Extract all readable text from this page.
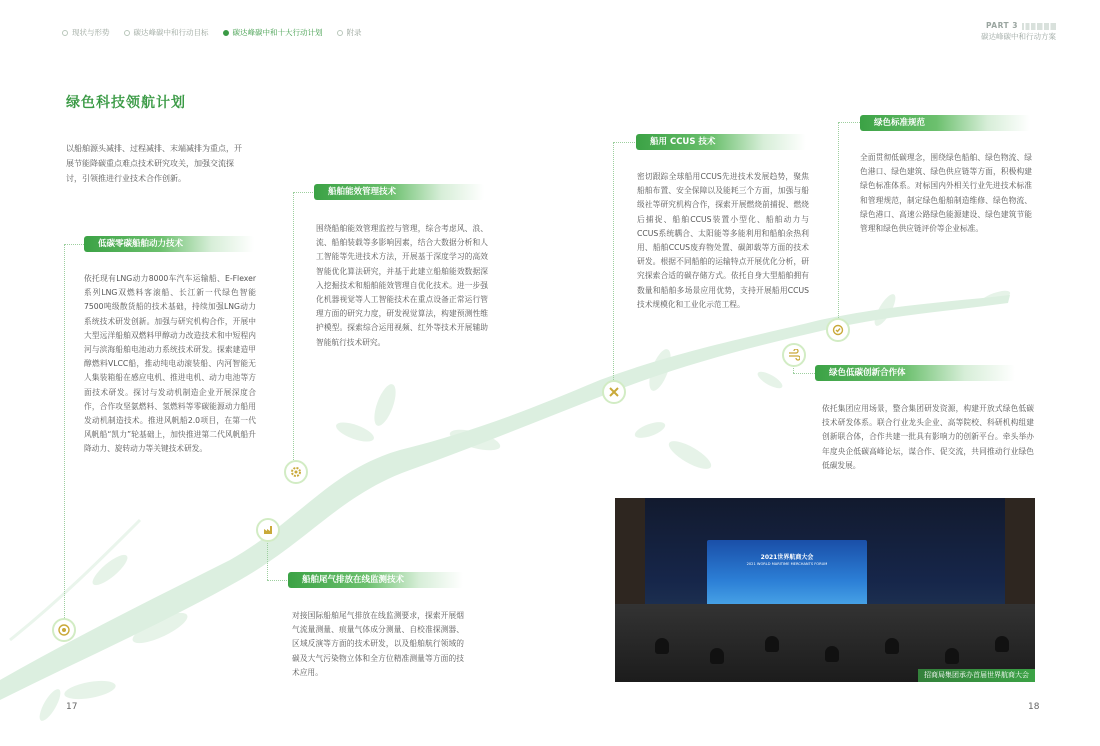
现状与形势	碳达峰碳中和行动目标	碳达峰碳中和十大行动计划	附录
PART 3
碳达峰碳中和行动方案
绿色科技领航计划
以船舶源头减排、过程减排、末端减排为重点，开展节能降碳重点难点技术研究攻关，加强交流探讨，引领推进行业技术合作创新。
低碳零碳船舶动力技术
依托现有LNG动力8000车汽车运输船、E-Flexer系列LNG双燃料客滚船、长江新一代绿色智能7500吨级散货船的技术基础，持续加强LNG动力系统技术研发创新。加强与研究机构合作，开展中大型远洋船舶双燃料甲醇动力改造技术和中短程内河与滨海船舶电池动力系统技术研发。探索建造甲醇燃料VLCC船，推动纯电动滚装船、内河智能无人集装箱船在感应电机、推进电机、动力电池等方面技术研发。探讨与发动机制造企业开展深度合作，合作攻坚氨燃料、氢燃料等零碳能源动力船用发动机制造技术。推进风帆船2.0项目，在第一代风帆船“凯力”轮基础上，加快推进第二代风帆船升降动力、旋转动力等关键技术研发。
船舶能效管理技术
围绕船舶能效管理监控与管理，综合考虑风、浪、流、船舶装载等多影响因素，结合大数据分析和人工智能等先进技术方法，开展基于深度学习的高效智能优化算法研究，并基于此建立船舶能效数据深入挖掘技术和船舶能效管理自优化技术。进一步强化机器视觉等人工智能技术在重点设备正常运行管理方面的研究力度，研发视觉算法，构建预测性维护模型。探索综合运用视频、红外等技术开展辅助智能航行技术研究。
船舶尾气排放在线监测技术
对接国际船舶尾气排放在线监测要求，探索开展烟气流量测量、痕量气体成分测量、自校准探测器、区域反演等方面的技术研发，以及船舶航行领域的碳及大气污染物立体和全方位精准测量等方面的技术应用。
船用 CCUS 技术
密切跟踪全球船用CCUS先进技术发展趋势，聚焦船舶布置、安全保障以及能耗三个方面，加强与船级社等研究机构合作，探索开展燃烧前捕捉、燃烧后捕捉、船舶CCUS装置小型化、船舶动力与CCUS系统耦合、太阳能等多能利用和船舶余热利用、船舶CCUS废弃物处置、碳卸载等方面的技术研发。根据不同船舶的运输特点开展优化分析，研究探索合适的碳存储方式。依托自身大型船舶拥有数量和船舶多场景应用优势，支持开展船用CCUS技术规模化和工业化示范工程。
绿色标准规范
全面贯彻低碳理念，围绕绿色船舶、绿色物流、绿色港口、绿色建筑、绿色供应链等方面，积极构建绿色标准体系。对标国内外相关行业先进技术标准和管理规范，制定绿色船舶制造维修、绿色物流、绿色港口、高速公路绿色能源建设、绿色建筑节能管理和绿色供应链评价等企业标准。
绿色低碳创新合作体
依托集团应用场景，整合集团研发资源，构建开放式绿色低碳技术研发体系。联合行业龙头企业、高等院校、科研机构组建创新联合体，合作共建一批具有影响力的创新平台。牵头举办年度央企低碳高峰论坛，谋合作、促交流，共同推动行业绿色低碳发展。
2021世界航商大会
2021 WORLD MARITIME MERCHANTS FORUM
招商局集团承办首届世界航商大会
17	18
